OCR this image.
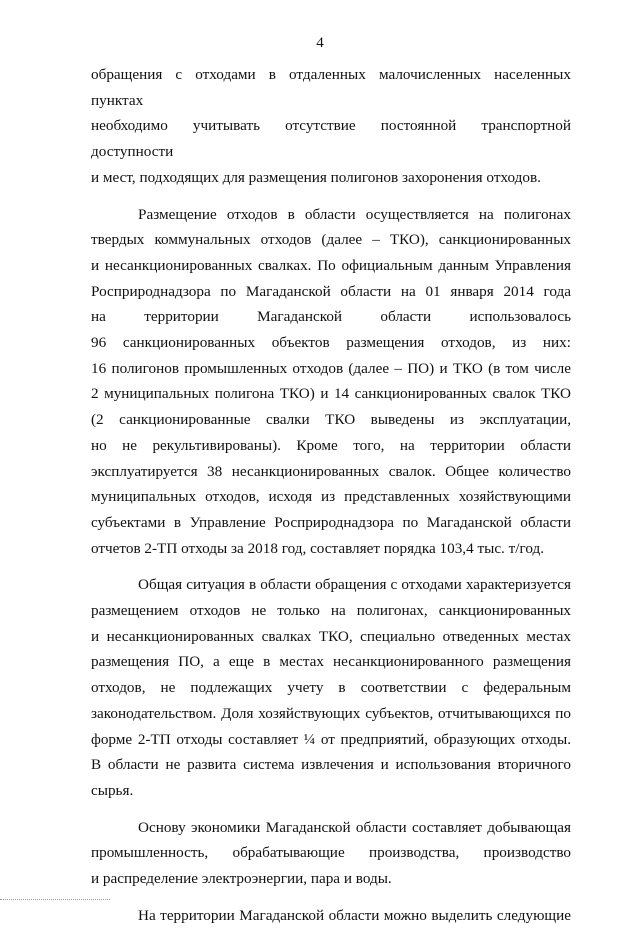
4

обращения с отходами в отдаленных малочисленных населенных пунктах
необходимо учитывать отсутствие постоянной транспортной доступности
и мест, подходящих для размещения полигонов захоронения отходов.

Размещение отходов в области осуществляется на полигонах
твердых коммунальных отходов (далее – ТКО), санкционированных
и несанкционированных свалках. По официальным данным Управления
Росприроднадзора по Магаданской области на 01 января 2014 года
на территории Магаданской области использовалось
96 санкционированных объектов размещения отходов, из них:
16 полигонов промышленных отходов (далее – ПО) и ТКО (в том числе
2 муниципальных полигона ТКО) и 14 санкционированных свалок ТКО
(2 санкционированные свалки ТКО выведены из эксплуатации,
но не рекультивированы). Кроме того, на территории области
эксплуатируется 38 несанкционированных свалок. Общее количество
муниципальных отходов, исходя из представленных хозяйствующими
субъектами в Управление Росприроднадзора по Магаданской области
отчетов 2-ТП отходы за 2018 год, составляет порядка 103,4 тыс. т/год.

Общая ситуация в области обращения с отходами характеризуется
размещением отходов не только на полигонах, санкционированных
и несанкционированных свалках ТКО, специально отведенных местах
размещения ПО, а еще в местах несанкционированного размещения
отходов, не подлежащих учету в соответствии с федеральным
законодательством. Доля хозяйствующих субъектов, отчитывающихся по
форме 2-ТП отходы составляет ¼ от предприятий, образующих отходы.
В области не развита система извлечения и использования вторичного
сырья.

Основу экономики Магаданской области составляет добывающая
промышленность, обрабатывающие производства, производство
и распределение электроэнергии, пара и воды.

На территории Магаданской области можно выделить следующие
